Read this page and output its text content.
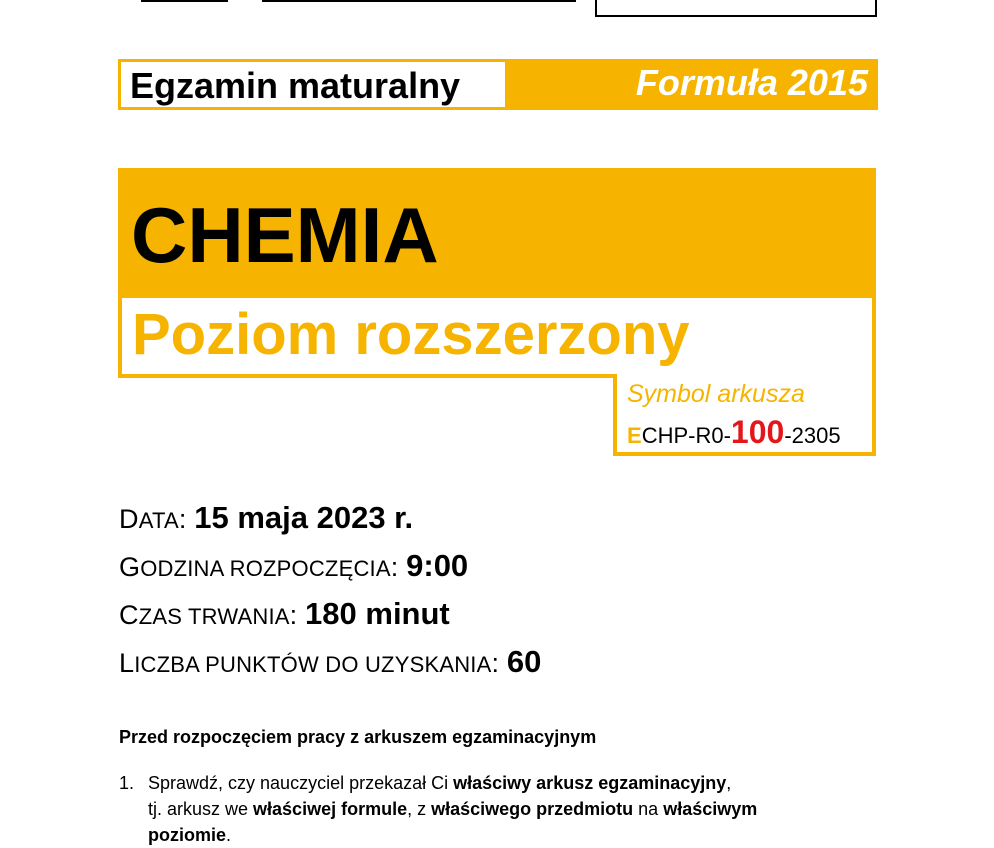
Egzamin maturalny	Formuła 2015
CHEMIA
Poziom rozszerzony
Symbol arkusza
ECHP-R0-100-2305
DATA: 15 maja 2023 r.
GODZINA ROZPOCZĘCIA: 9:00
CZAS TRWANIA: 180 minut
LICZBA PUNKTÓW DO UZYSKANIA: 60
Przed rozpoczęciem pracy z arkuszem egzaminacyjnym
1. Sprawdź, czy nauczyciel przekazał Ci właściwy arkusz egzaminacyjny,
tj. arkusz we właściwej formule, z właściwego przedmiotu na właściwym
poziomie.
